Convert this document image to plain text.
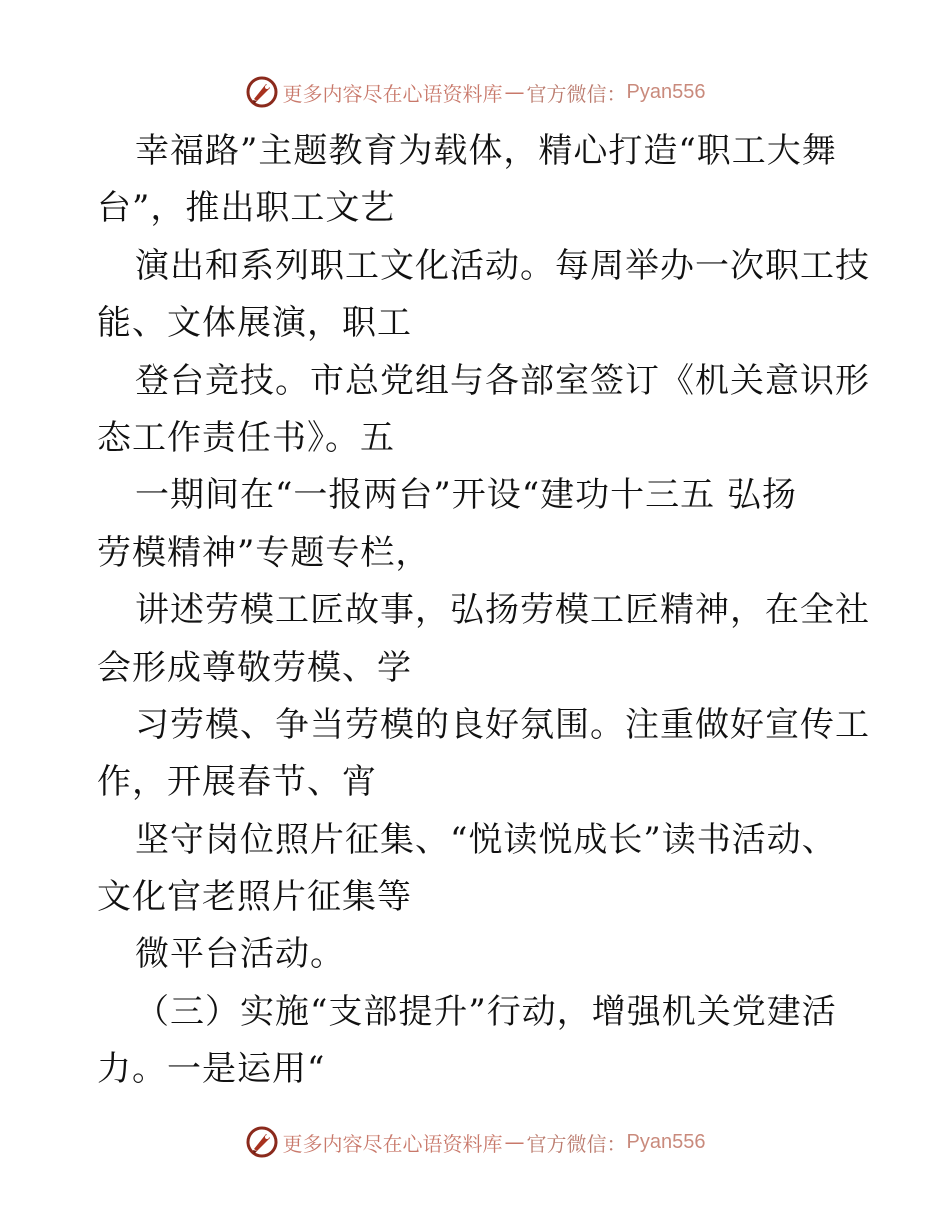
更多内容尽在心语资料库 — 官方微信： Pyan556
幸福路”主题教育为载体，精心打造“职工大舞
台”，推出职工文艺
演出和系列职工文化活动。每周举办一次职工技
能、文体展演，职工
登台竞技。市总党组与各部室签订《机关意识形
态工作责任书》。五
一期间在“一报两台”开设“建功十三五 弘扬
劳模精神”专题专栏，
讲述劳模工匠故事，弘扬劳模工匠精神，在全社
会形成尊敬劳模、学
习劳模、争当劳模的良好氛围。注重做好宣传工
作，开展春节、宵
坚守岗位照片征集、“悦读悦成长”读书活动、
文化官老照片征集等
微平台活动。
（三）实施“支部提升”行动，增强机关党建活
力。一是运用“
更多内容尽在心语资料库 — 官方微信： Pyan556
